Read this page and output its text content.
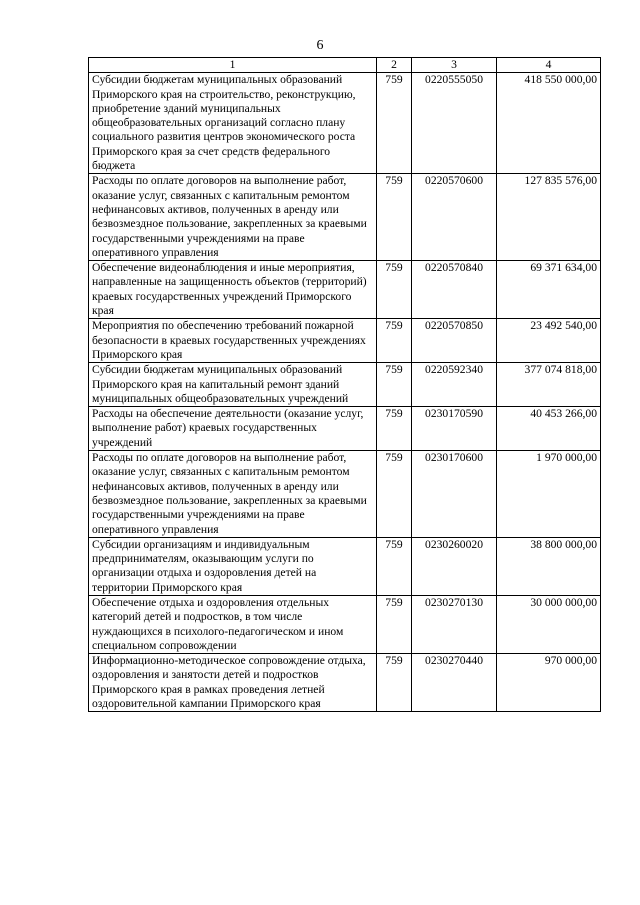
6
1	2	3	4
Субсидии бюджетам муниципальных образований Приморского края на строительство, реконструкцию, приобретение зданий муниципальных общеобразовательных организаций согласно плану социального развития центров экономического роста Приморского края за счет средств федерального бюджета	759	0220555050	418 550 000,00
Расходы по оплате договоров на выполнение работ, оказание услуг, связанных с капитальным ремонтом нефинансовых активов, полученных в аренду или безвозмездное пользование, закрепленных за краевыми государственными учреждениями на праве оперативного управления	759	0220570600	127 835 576,00
Обеспечение видеонаблюдения и иные мероприятия, направленные на защищенность объектов (территорий) краевых государственных учреждений Приморского края	759	0220570840	69 371 634,00
Мероприятия по обеспечению требований пожарной безопасности в краевых государственных учреждениях Приморского края	759	0220570850	23 492 540,00
Субсидии бюджетам муниципальных образований Приморского края на капитальный ремонт зданий муниципальных общеобразовательных учреждений	759	0220592340	377 074 818,00
Расходы на обеспечение деятельности (оказание услуг, выполнение работ) краевых государственных учреждений	759	0230170590	40 453 266,00
Расходы по оплате договоров на выполнение работ, оказание услуг, связанных с капитальным ремонтом нефинансовых активов, полученных в аренду или безвозмездное пользование, закрепленных за краевыми государственными учреждениями на праве оперативного управления	759	0230170600	1 970 000,00
Субсидии организациям и индивидуальным предпринимателям, оказывающим услуги по организации отдыха и оздоровления детей на территории Приморского края	759	0230260020	38 800 000,00
Обеспечение отдыха и оздоровления отдельных категорий детей и подростков, в том числе нуждающихся в психолого-педагогическом и ином специальном сопровождении	759	0230270130	30 000 000,00
Информационно-методическое сопровождение отдыха, оздоровления и занятости детей и подростков Приморского края в рамках проведения летней оздоровительной кампании Приморского края	759	0230270440	970 000,00
